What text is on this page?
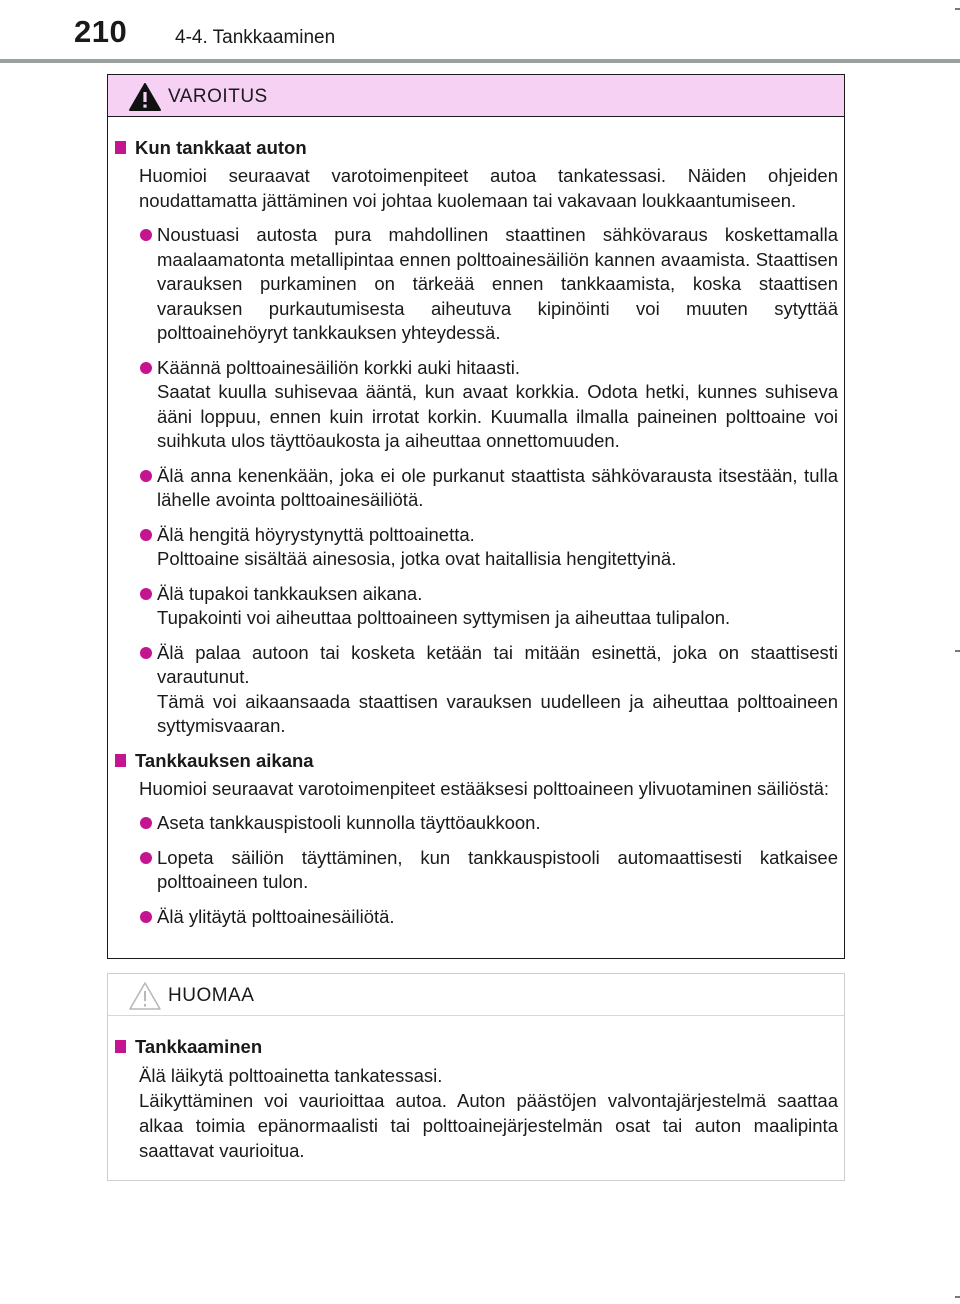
210	4-4. Tankkaaminen
VAROITUS
Kun tankkaat auton
Huomioi seuraavat varotoimenpiteet autoa tankatessasi. Näiden ohjeiden noudattamatta jättäminen voi johtaa kuolemaan tai vakavaan loukkaantumiseen.
Noustuasi autosta pura mahdollinen staattinen sähkövaraus koskettamalla maalaamatonta metallipintaa ennen polttoainesäiliön kannen avaamista. Staattisen varauksen purkaminen on tärkeää ennen tankkaamista, koska staattisen varauksen purkautumisesta aiheutuva kipinöinti voi muuten sytyttää polttoainehöyryt tankkauksen yhteydessä.
Käännä polttoainesäiliön korkki auki hitaasti.
Saatat kuulla suhisevaa ääntä, kun avaat korkkia. Odota hetki, kunnes suhiseva ääni loppuu, ennen kuin irrotat korkin. Kuumalla ilmalla paineinen polttoaine voi suihkuta ulos täyttöaukosta ja aiheuttaa onnettomuuden.
Älä anna kenenkään, joka ei ole purkanut staattista sähkövarausta itsestään, tulla lähelle avointa polttoainesäiliötä.
Älä hengitä höyrystynyttä polttoainetta.
Polttoaine sisältää ainesosia, jotka ovat haitallisia hengitettyinä.
Älä tupakoi tankkauksen aikana.
Tupakointi voi aiheuttaa polttoaineen syttymisen ja aiheuttaa tulipalon.
Älä palaa autoon tai kosketa ketään tai mitään esinettä, joka on staattisesti varautunut.
Tämä voi aikaansaada staattisen varauksen uudelleen ja aiheuttaa polttoaineen syttymisvaaran.
Tankkauksen aikana
Huomioi seuraavat varotoimenpiteet estääksesi polttoaineen ylivuotaminen säiliöstä:
Aseta tankkauspistooli kunnolla täyttöaukkoon.
Lopeta säiliön täyttäminen, kun tankkauspistooli automaattisesti katkaisee polttoaineen tulon.
Älä ylitäytä polttoainesäiliötä.
HUOMAA
Tankkaaminen
Älä läikytä polttoainetta tankatessasi.
Läikyttäminen voi vaurioittaa autoa. Auton päästöjen valvontajärjestelmä saattaa alkaa toimia epänormaalisti tai polttoainejärjestelmän osat tai auton maalipinta saattavat vaurioitua.
